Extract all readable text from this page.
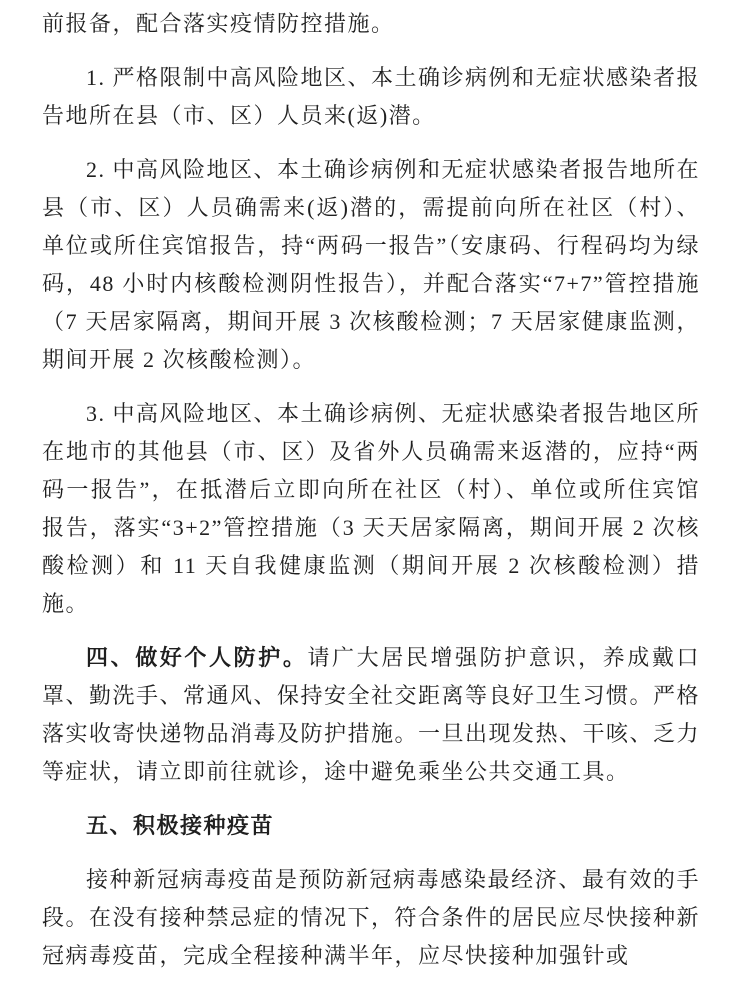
前报备，配合落实疫情防控措施。

1. 严格限制中高风险地区、本土确诊病例和无症状感染者报告地所在县（市、区）人员来(返)潜。

2. 中高风险地区、本土确诊病例和无症状感染者报告地所在县（市、区）人员确需来(返)潜的，需提前向所在社区（村）、单位或所住宾馆报告，持“两码一报告”（安康码、行程码均为绿码，48 小时内核酸检测阴性报告），并配合落实“7+7”管控措施（7 天居家隔离，期间开展 3 次核酸检测；7 天居家健康监测，期间开展 2 次核酸检测）。

3. 中高风险地区、本土确诊病例、无症状感染者报告地区所在地市的其他县（市、区）及省外人员确需来返潜的，应持“两码一报告”，在抵潜后立即向所在社区（村）、单位或所住宾馆报告，落实“3+2”管控措施（3 天天居家隔离，期间开展 2 次核酸检测）和 11 天自我健康监测（期间开展 2 次核酸检测）措施。

四、做好个人防护。请广大居民增强防护意识，养成戴口罩、勤洗手、常通风、保持安全社交距离等良好卫生习惯。严格落实收寄快递物品消毒及防护措施。一旦出现发热、干咳、乏力等症状，请立即前往就诊，途中避免乘坐公共交通工具。

五、积极接种疫苗

接种新冠病毒疫苗是预防新冠病毒感染最经济、最有效的手段。在没有接种禁忌症的情况下，符合条件的居民应尽快接种新冠病毒疫苗，完成全程接种满半年，应尽快接种加强针或
